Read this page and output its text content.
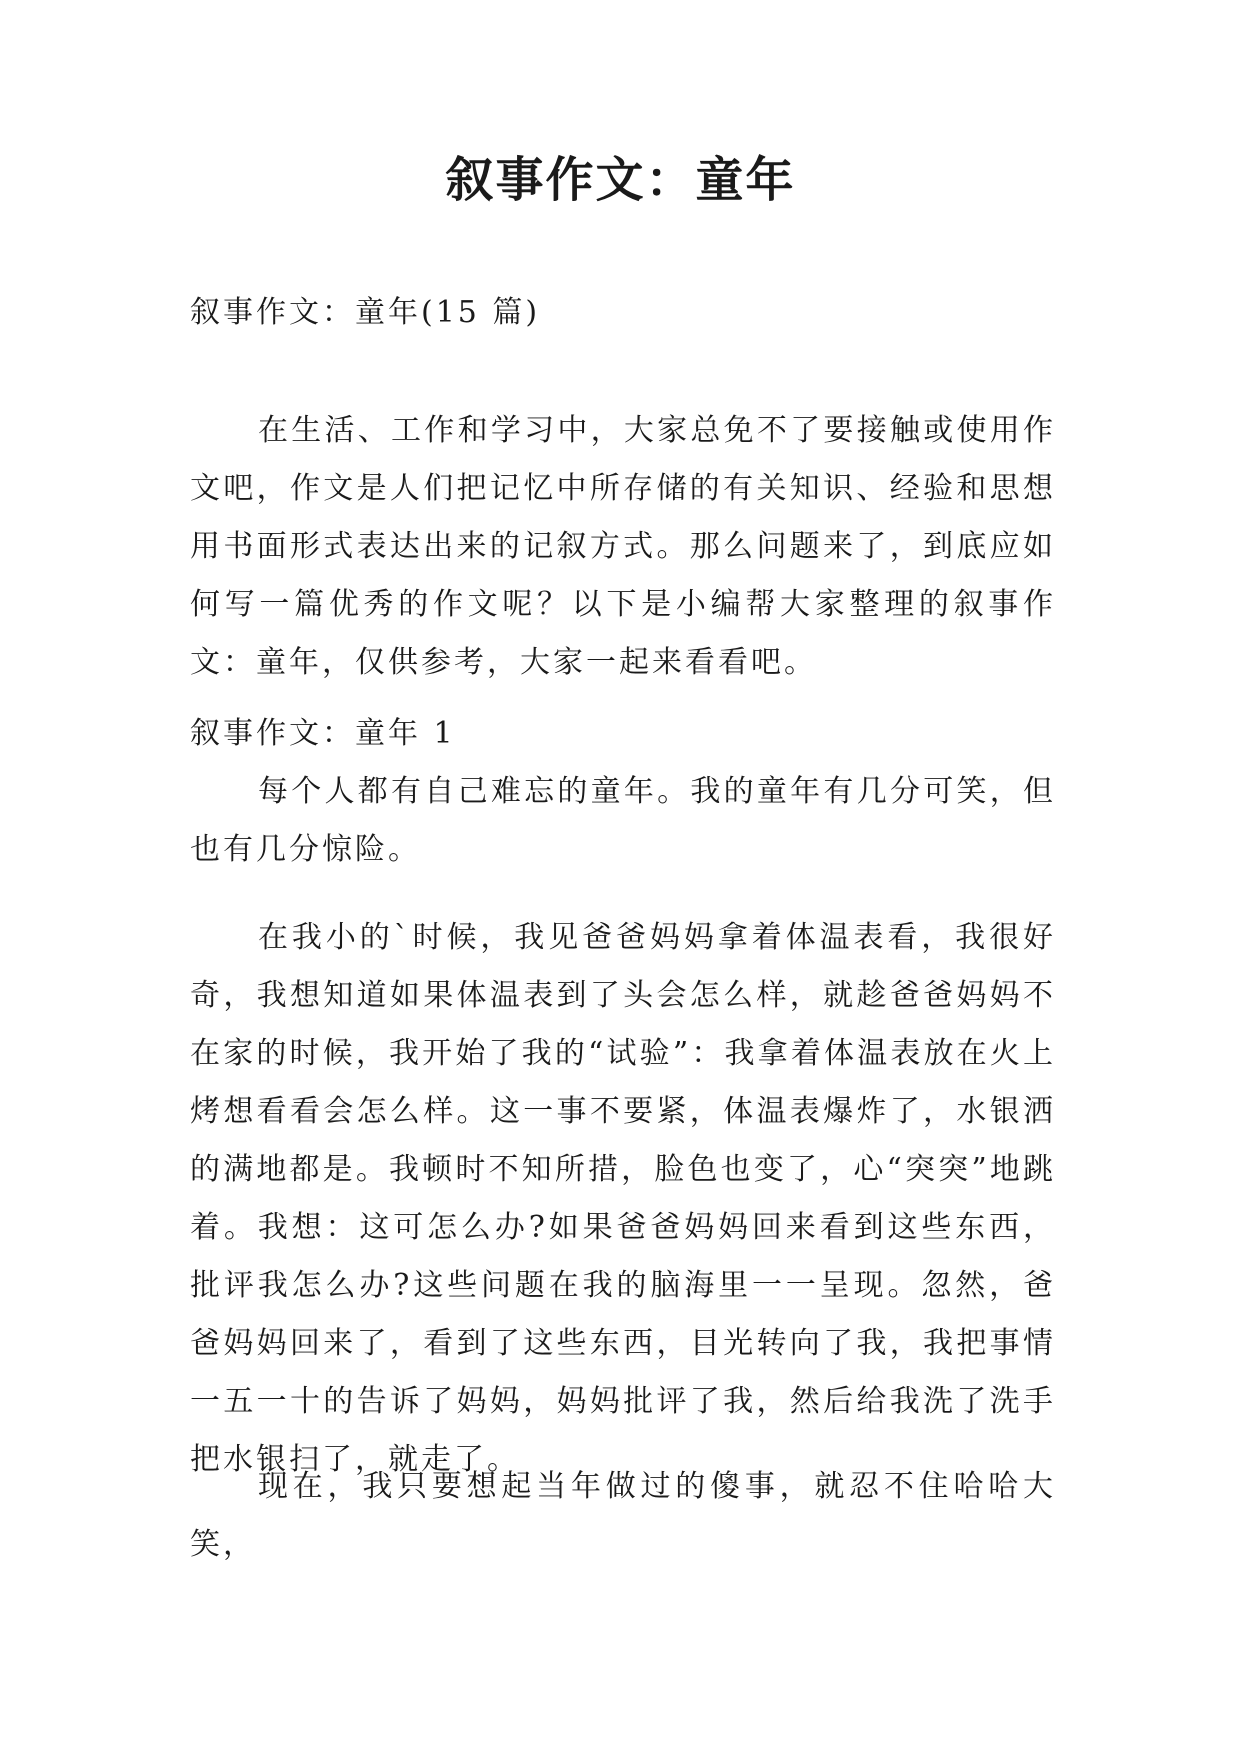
叙事作文：童年

叙事作文：童年(15 篇)

在生活、工作和学习中，大家总免不了要接触或使用作文吧，作文是人们把记忆中所存储的有关知识、经验和思想用书面形式表达出来的记叙方式。那么问题来了，到底应如何写一篇优秀的作文呢？以下是小编帮大家整理的叙事作文：童年，仅供参考，大家一起来看看吧。

叙事作文：童年 1

每个人都有自己难忘的童年。我的童年有几分可笑，但也有几分惊险。

在我小的`时候，我见爸爸妈妈拿着体温表看，我很好奇，我想知道如果体温表到了头会怎么样，就趁爸爸妈妈不在家的时候，我开始了我的“试验”：我拿着体温表放在火上烤想看看会怎么样。这一事不要紧，体温表爆炸了，水银洒的满地都是。我顿时不知所措，脸色也变了，心“突突”地跳着。我想：这可怎么办?如果爸爸妈妈回来看到这些东西，批评我怎么办?这些问题在我的脑海里一一呈现。忽然，爸爸妈妈回来了，看到了这些东西，目光转向了我，我把事情一五一十的告诉了妈妈，妈妈批评了我，然后给我洗了洗手把水银扫了，就走了。

现在，我只要想起当年做过的傻事，就忍不住哈哈大笑，
